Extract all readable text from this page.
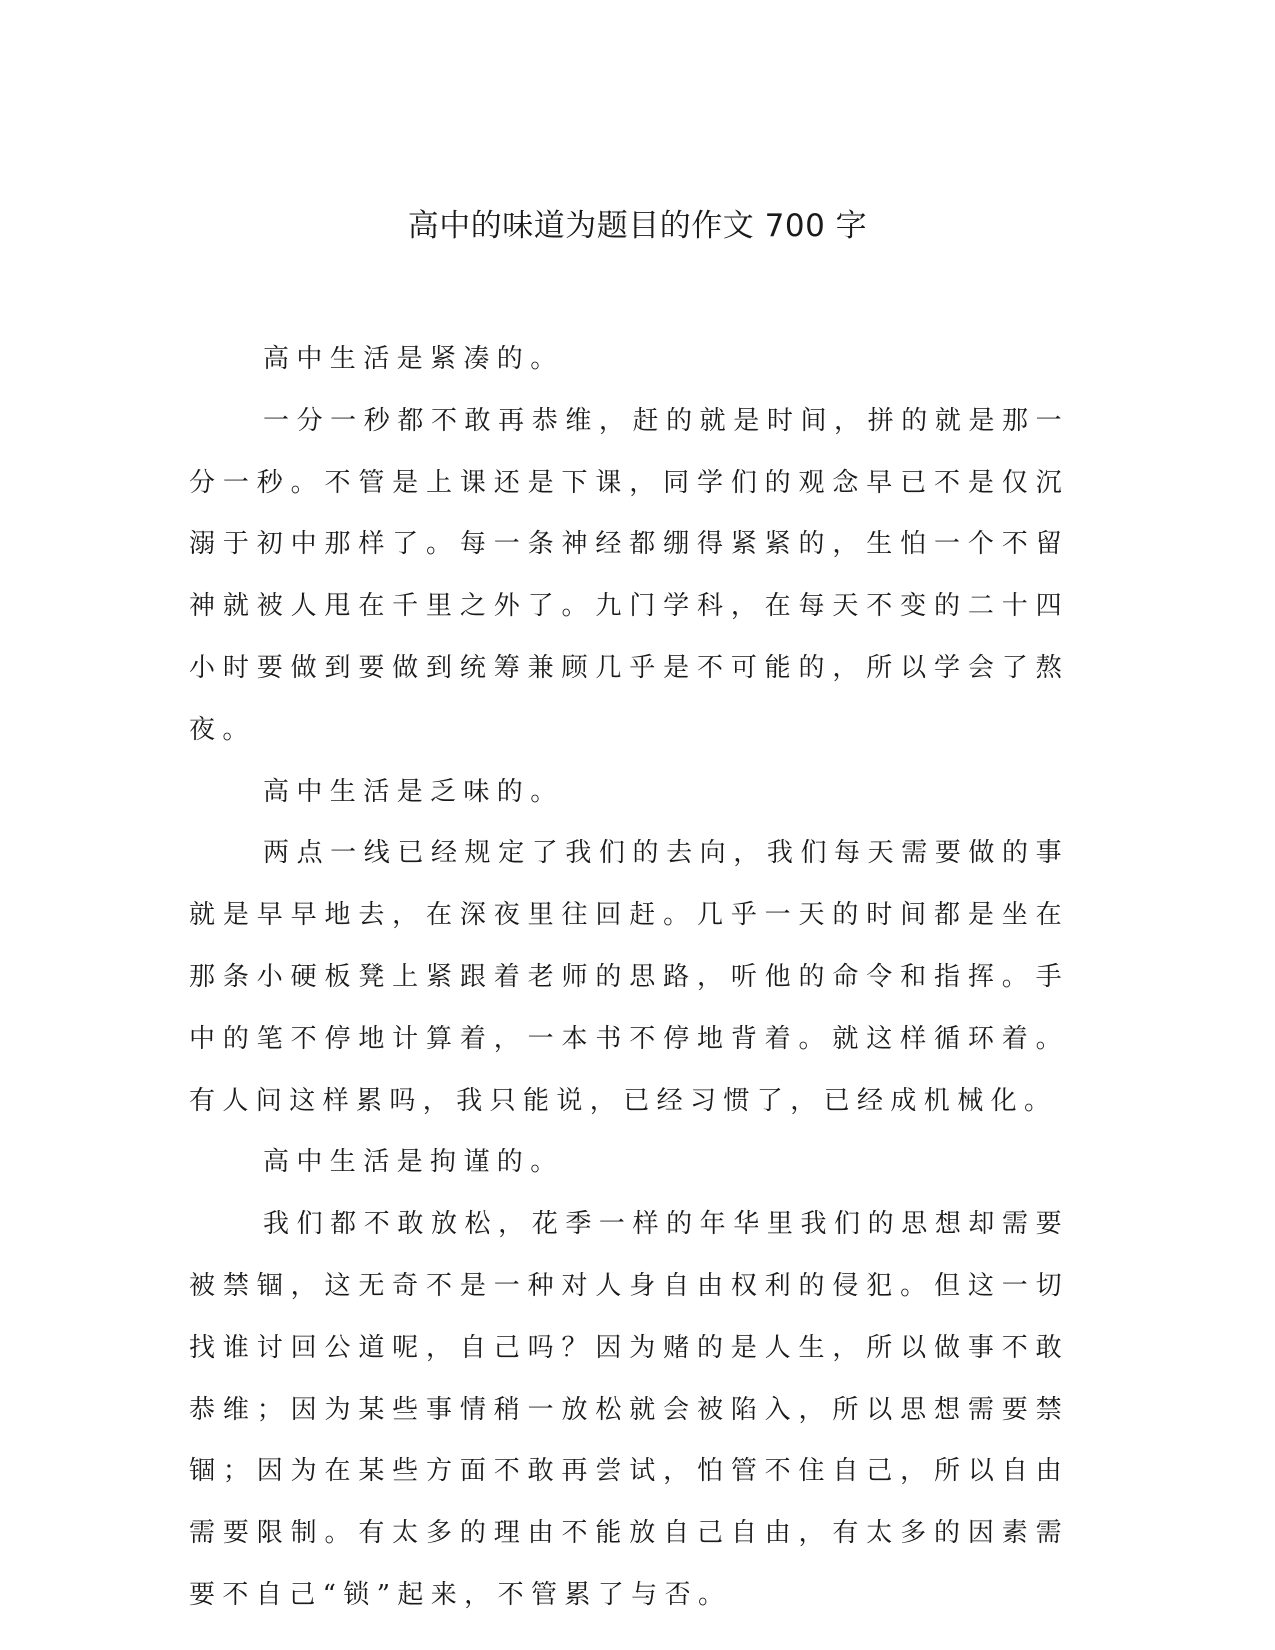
高中的味道为题目的作文 700 字

高中生活是紧凑的。

一分一秒都不敢再恭维，赶的就是时间，拼的就是那一分一秒。不管是上课还是下课，同学们的观念早已不是仅沉溺于初中那样了。每一条神经都绷得紧紧的，生怕一个不留神就被人甩在千里之外了。九门学科，在每天不变的二十四小时要做到要做到统筹兼顾几乎是不可能的，所以学会了熬夜。

高中生活是乏味的。

两点一线已经规定了我们的去向，我们每天需要做的事就是早早地去，在深夜里往回赶。几乎一天的时间都是坐在那条小硬板凳上紧跟着老师的思路，听他的命令和指挥。手中的笔不停地计算着，一本书不停地背着。就这样循环着。有人问这样累吗，我只能说，已经习惯了，已经成机械化。

高中生活是拘谨的。

我们都不敢放松，花季一样的年华里我们的思想却需要被禁锢，这无奇不是一种对人身自由权利的侵犯。但这一切找谁讨回公道呢，自己吗？因为赌的是人生，所以做事不敢恭维；因为某些事情稍一放松就会被陷入，所以思想需要禁锢；因为在某些方面不敢再尝试，怕管不住自己，所以自由需要限制。有太多的理由不能放自己自由，有太多的因素需要不自己“锁”起来，不管累了与否。
